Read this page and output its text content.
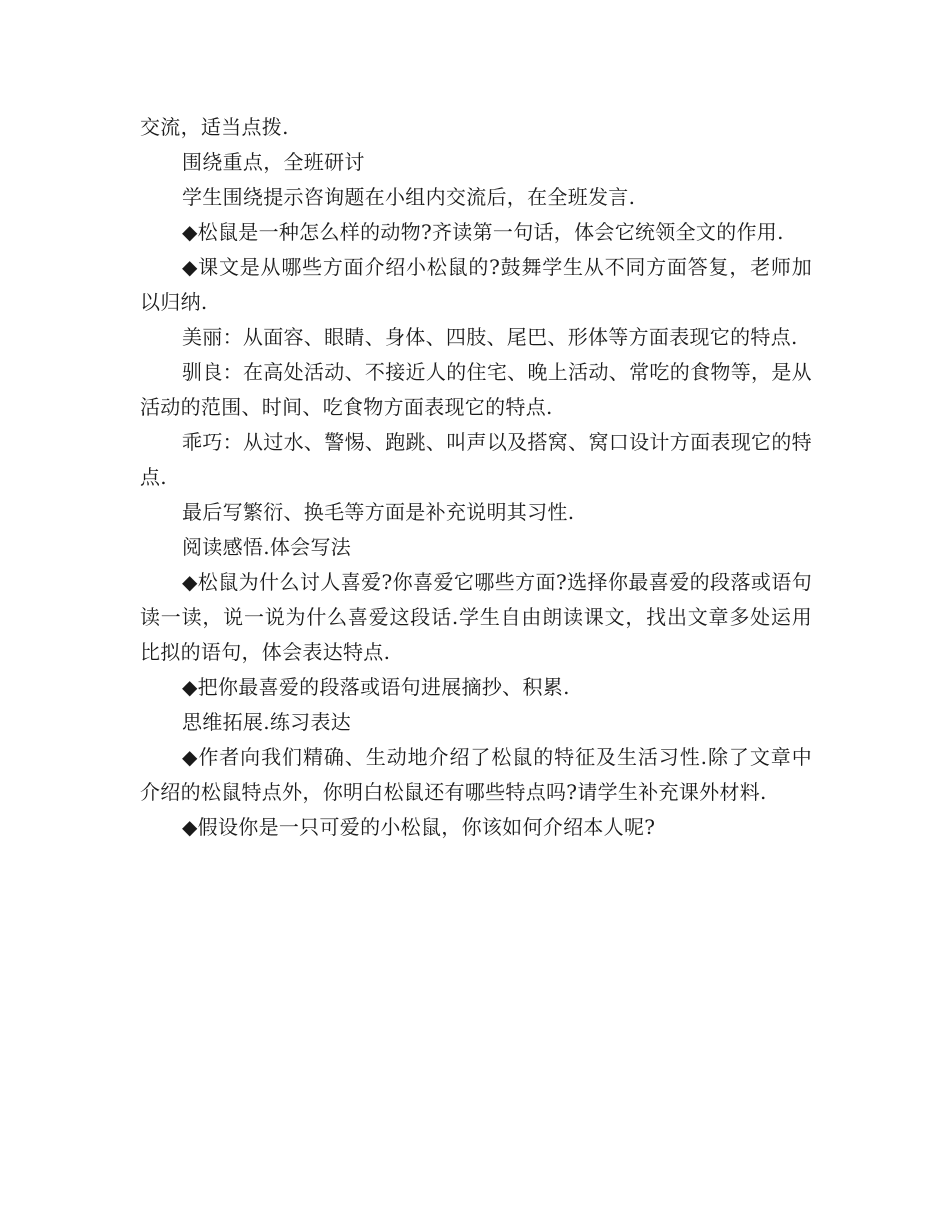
交流，适当点拨.

围绕重点，全班研讨

学生围绕提示咨询题在小组内交流后，在全班发言.

◆松鼠是一种怎么样的动物?齐读第一句话，体会它统领全文的作用.

◆课文是从哪些方面介绍小松鼠的?鼓舞学生从不同方面答复，老师加以归纳.

美丽：从面容、眼睛、身体、四肢、尾巴、形体等方面表现它的特点.

驯良：在高处活动、不接近人的住宅、晚上活动、常吃的食物等，是从活动的范围、时间、吃食物方面表现它的特点.

乖巧：从过水、警惕、跑跳、叫声以及搭窝、窝口设计方面表现它的特点.

最后写繁衍、换毛等方面是补充说明其习性.

阅读感悟.体会写法

◆松鼠为什么讨人喜爱?你喜爱它哪些方面?选择你最喜爱的段落或语句读一读，说一说为什么喜爱这段话.学生自由朗读课文，找出文章多处运用比拟的语句，体会表达特点.

◆把你最喜爱的段落或语句进展摘抄、积累.

思维拓展.练习表达

◆作者向我们精确、生动地介绍了松鼠的特征及生活习性.除了文章中介绍的松鼠特点外，你明白松鼠还有哪些特点吗?请学生补充课外材料.

◆假设你是一只可爱的小松鼠，你该如何介绍本人呢?
